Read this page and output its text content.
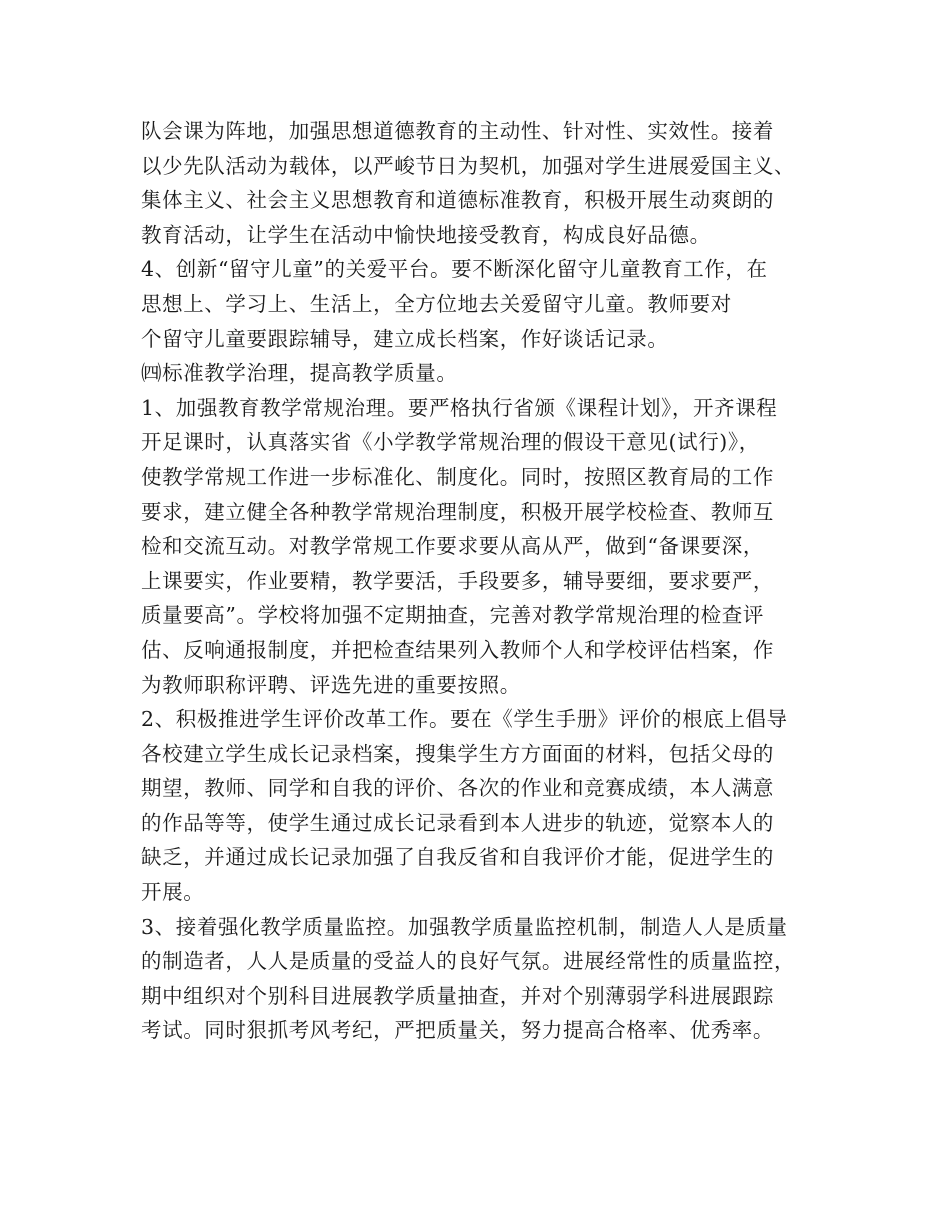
队会课为阵地，加强思想道德教育的主动性、针对性、实效性。接着
以少先队活动为载体，以严峻节日为契机，加强对学生进展爱国主义、
集体主义、社会主义思想教育和道德标准教育，积极开展生动爽朗的
教育活动，让学生在活动中愉快地接受教育，构成良好品德。
4、创新“留守儿童”的关爱平台。要不断深化留守儿童教育工作，在
思想上、学习上、生活上，全方位地去关爱留守儿童。教师要对
个留守儿童要跟踪辅导，建立成长档案，作好谈话记录。
㈣标准教学治理，提高教学质量。
1、加强教育教学常规治理。要严格执行省颁《课程计划》，开齐课程
开足课时，认真落实省《小学教学常规治理的假设干意见(试行)》，
使教学常规工作进一步标准化、制度化。同时，按照区教育局的工作
要求，建立健全各种教学常规治理制度，积极开展学校检查、教师互
检和交流互动。对教学常规工作要求要从高从严，做到“备课要深，
上课要实，作业要精，教学要活，手段要多，辅导要细，要求要严，
质量要高”。学校将加强不定期抽查，完善对教学常规治理的检查评
估、反响通报制度，并把检查结果列入教师个人和学校评估档案，作
为教师职称评聘、评选先进的重要按照。
2、积极推进学生评价改革工作。要在《学生手册》评价的根底上倡导
各校建立学生成长记录档案，搜集学生方方面面的材料，包括父母的
期望，教师、同学和自我的评价、各次的作业和竞赛成绩，本人满意
的作品等等，使学生通过成长记录看到本人进步的轨迹，觉察本人的
缺乏，并通过成长记录加强了自我反省和自我评价才能，促进学生的
开展。
3、接着强化教学质量监控。加强教学质量监控机制，制造人人是质量
的制造者，人人是质量的受益人的良好气氛。进展经常性的质量监控，
期中组织对个别科目进展教学质量抽查，并对个别薄弱学科进展跟踪
考试。同时狠抓考风考纪，严把质量关，努力提高合格率、优秀率。
